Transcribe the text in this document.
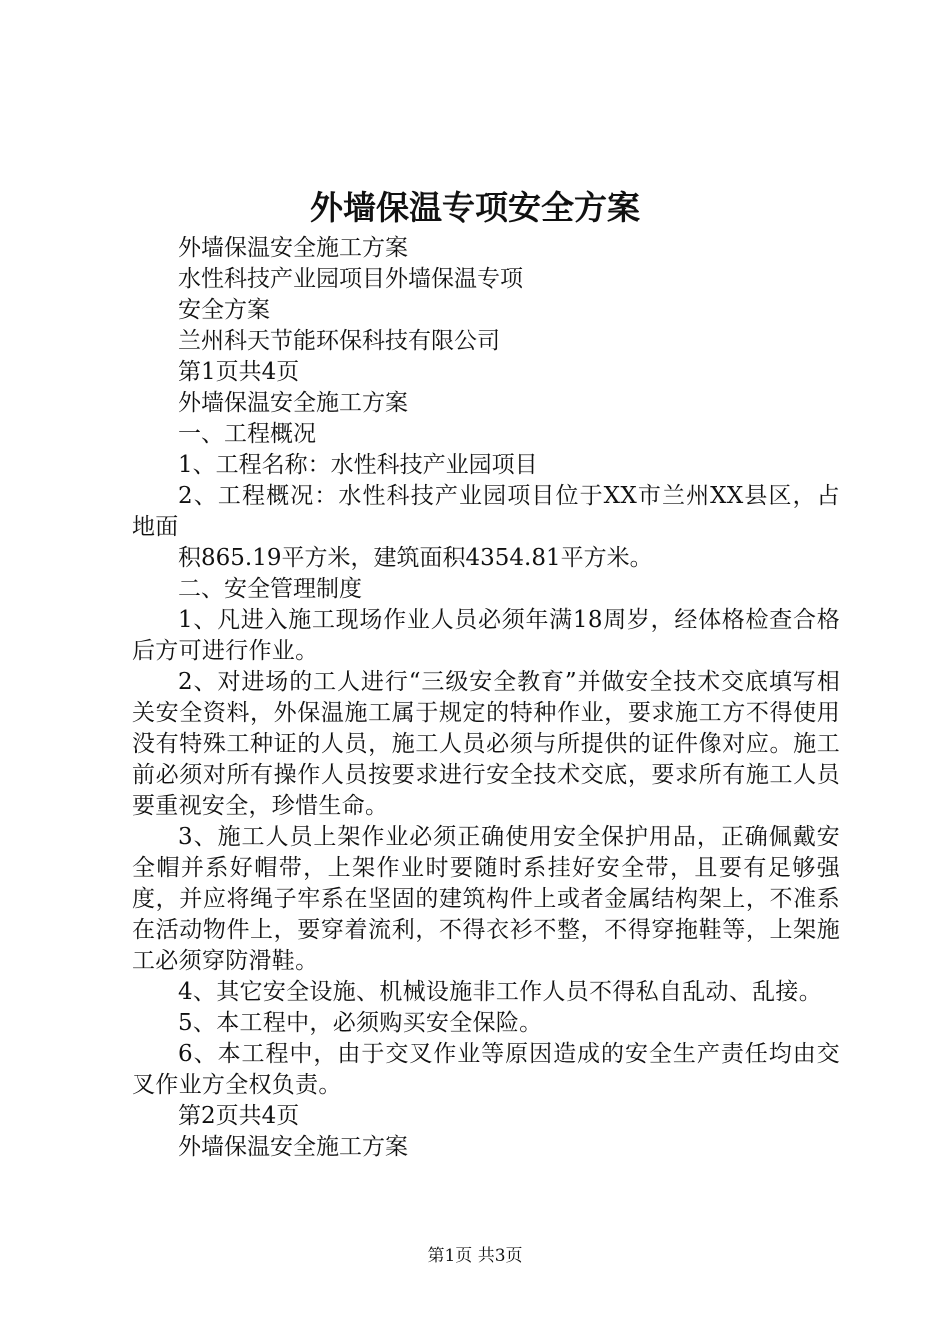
外墙保温专项安全方案

外墙保温安全施工方案

水性科技产业园项目外墙保温专项

安全方案

兰州科天节能环保科技有限公司

第1页共4页

外墙保温安全施工方案

一、工程概况

1、工程名称：水性科技产业园项目

2、工程概况：水性科技产业园项目位于XX市兰州XX县区，占地面

积865.19平方米，建筑面积4354.81平方米。

二、安全管理制度

1、凡进入施工现场作业人员必须年满18周岁，经体格检查合格后方可进行作业。

2、对进场的工人进行“三级安全教育”并做安全技术交底填写相关安全资料，外保温施工属于规定的特种作业，要求施工方不得使用没有特殊工种证的人员，施工人员必须与所提供的证件像对应。施工前必须对所有操作人员按要求进行安全技术交底，要求所有施工人员要重视安全，珍惜生命。

3、施工人员上架作业必须正确使用安全保护用品，正确佩戴安全帽并系好帽带，上架作业时要随时系挂好安全带，且要有足够强度，并应将绳子牢系在坚固的建筑构件上或者金属结构架上，不准系在活动物件上，要穿着流利，不得衣衫不整，不得穿拖鞋等，上架施工必须穿防滑鞋。

4、其它安全设施、机械设施非工作人员不得私自乱动、乱接。

5、本工程中，必须购买安全保险。

6、本工程中，由于交叉作业等原因造成的安全生产责任均由交叉作业方全权负责。

第2页共4页

外墙保温安全施工方案

第1页 共3页
